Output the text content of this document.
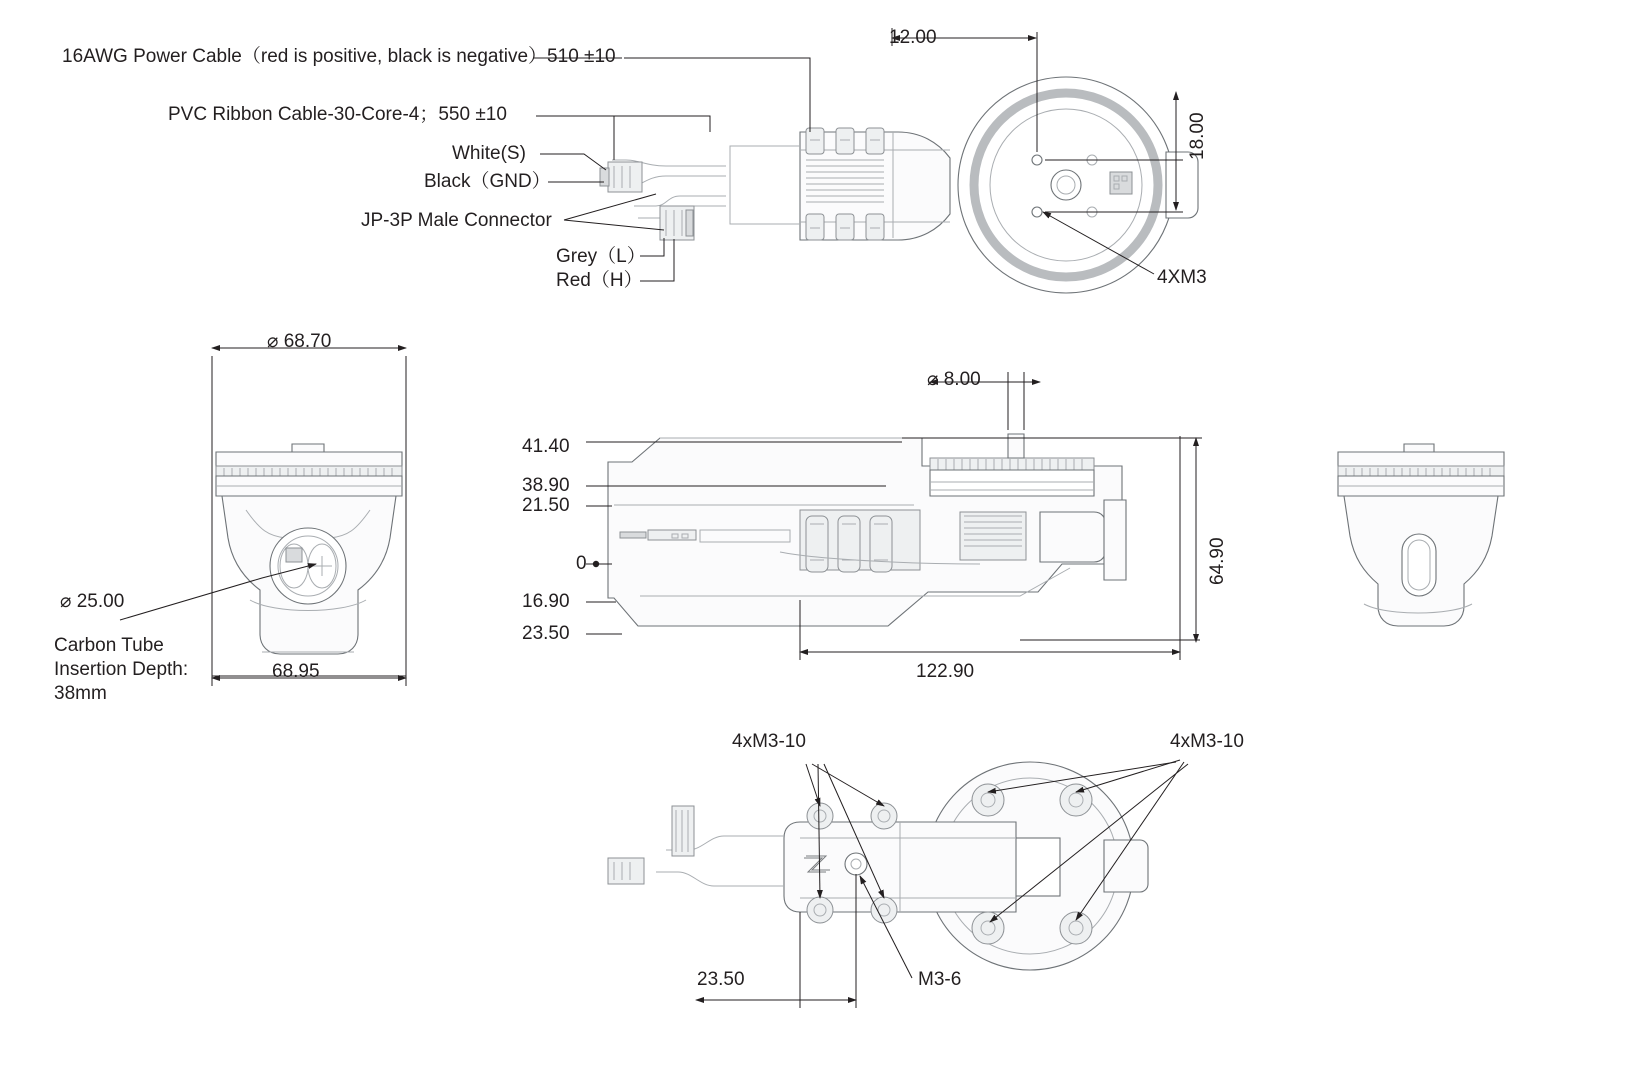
16AWG Power Cable（red is positive, black is negative）510 ±10
PVC Ribbon Cable-30-Core-4；550 ±10
White(S)
Black（GND）
JP-3P Male Connector
Grey（L）
Red（H）	4XM3
12.00
18.00
⌀ 68.70
⌀ 25.00
68.95
Carbon Tube
Insertion Depth:
38mm
⌀ 8.00
41.40
38.90
21.50
0
16.90
23.50
122.90
64.90
4xM3-10	4xM3-10
M3-6
23.50
